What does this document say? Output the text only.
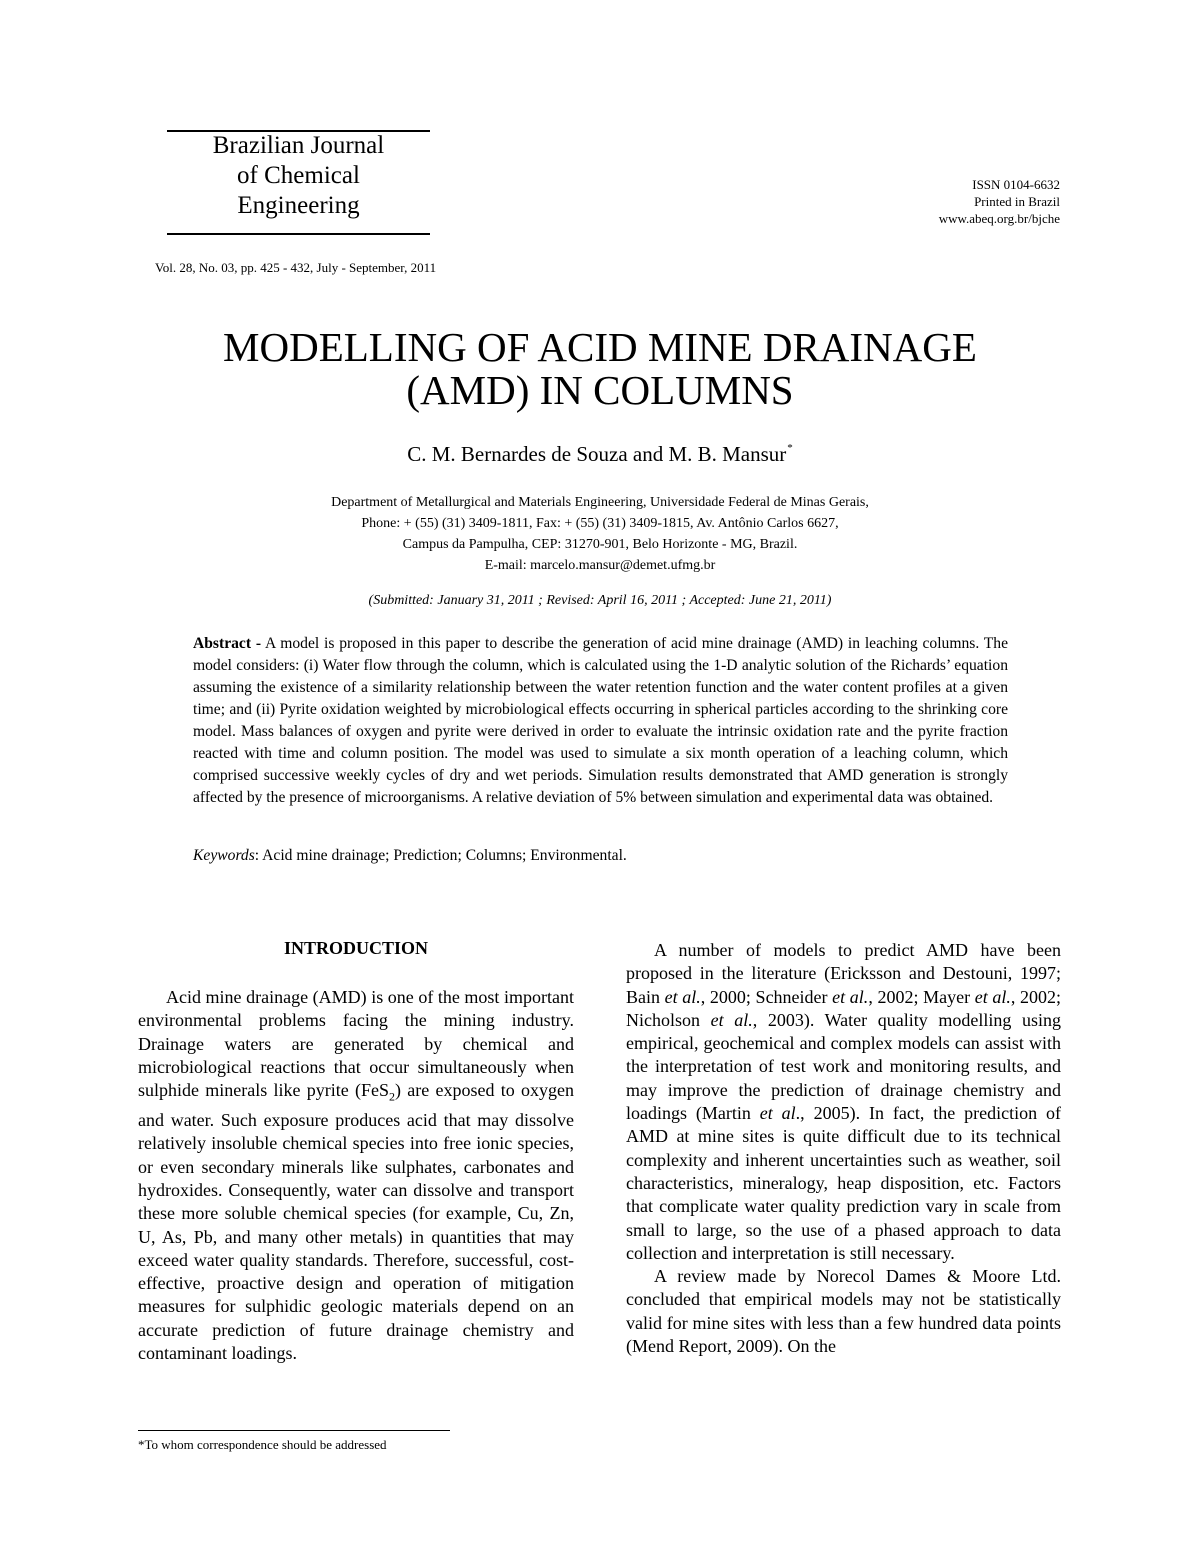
Brazilian Journal
of Chemical
Engineering
ISSN 0104-6632
Printed in Brazil
www.abeq.org.br/bjche
Vol. 28, No. 03, pp. 425 - 432, July - September, 2011
MODELLING OF ACID MINE DRAINAGE
(AMD) IN COLUMNS
C. M. Bernardes de Souza and M. B. Mansur*
Department of Metallurgical and Materials Engineering, Universidade Federal de Minas Gerais,
Phone: + (55) (31) 3409-1811, Fax: + (55) (31) 3409-1815, Av. Antônio Carlos 6627,
Campus da Pampulha, CEP: 31270-901, Belo Horizonte - MG, Brazil.
E-mail: marcelo.mansur@demet.ufmg.br
(Submitted: January 31, 2011 ; Revised: April 16, 2011 ; Accepted: June 21, 2011)
Abstract - A model is proposed in this paper to describe the generation of acid mine drainage (AMD) in leaching columns. The model considers: (i) Water flow through the column, which is calculated using the 1-D analytic solution of the Richards’ equation assuming the existence of a similarity relationship between the water retention function and the water content profiles at a given time; and (ii) Pyrite oxidation weighted by microbiological effects occurring in spherical particles according to the shrinking core model. Mass balances of oxygen and pyrite were derived in order to evaluate the intrinsic oxidation rate and the pyrite fraction reacted with time and column position. The model was used to simulate a six month operation of a leaching column, which comprised successive weekly cycles of dry and wet periods. Simulation results demonstrated that AMD generation is strongly affected by the presence of microorganisms. A relative deviation of 5% between simulation and experimental data was obtained.
Keywords: Acid mine drainage; Prediction; Columns; Environmental.
INTRODUCTION

Acid mine drainage (AMD) is one of the most important environmental problems facing the mining industry. Drainage waters are generated by chemical and microbiological reactions that occur simultaneously when sulphide minerals like pyrite (FeS$_2$) are exposed to oxygen and water. Such exposure produces acid that may dissolve relatively insoluble chemical species into free ionic species, or even secondary minerals like sulphates, carbonates and hydroxides. Consequently, water can dissolve and transport these more soluble chemical species (for example, Cu, Zn, U, As, Pb, and many other metals) in quantities that may exceed water quality standards. Therefore, successful, cost-effective, proactive design and operation of mitigation measures for sulphidic geologic materials depend on an accurate prediction of future drainage chemistry and contaminant loadings.

A number of models to predict AMD have been proposed in the literature (Ericksson and Destouni, 1997; Bain et al., 2000; Schneider et al., 2002; Mayer et al., 2002; Nicholson et al., 2003). Water quality modelling using empirical, geochemical and complex models can assist with the interpretation of test work and monitoring results, and may improve the prediction of drainage chemistry and loadings (Martin et al., 2005). In fact, the prediction of AMD at mine sites is quite difficult due to its technical complexity and inherent uncertainties such as weather, soil characteristics, mineralogy, heap disposition, etc. Factors that complicate water quality prediction vary in scale from small to large, so the use of a phased approach to data collection and interpretation is still necessary.

A review made by Norecol Dames & Moore Ltd. concluded that empirical models may not be statistically valid for mine sites with less than a few hundred data points (Mend Report, 2009). On the

*To whom correspondence should be addressed
